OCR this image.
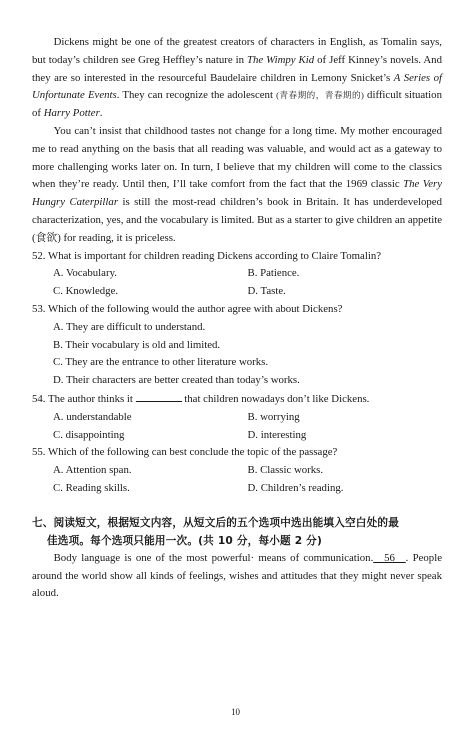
Dickens might be one of the greatest creators of characters in English, as Tomalin says, but today’s children see Greg Heffley’s nature in The Wimpy Kid of Jeff Kinney’s novels. And they are so interested in the resourceful Baudelaire children in Lemony Snicket’s A Series of Unfortunate Events. They can recognize the adolescent (青春期的，青春期的) difficult situation of Harry Potter.

You can’t insist that childhood tastes not change for a long time. My mother encouraged me to read anything on the basis that all reading was valuable, and would act as a gateway to more challenging works later on. In turn, I believe that my children will come to the classics when they’re ready. Until then, I’ll take comfort from the fact that the 1969 classic The Very Hungry Caterpillar is still the most-read children’s book in Britain. It has underdeveloped characterization, yes, and the vocabulary is limited. But as a starter to give children an appetite (食欲) for reading, it is priceless.

52. What is important for children reading Dickens according to Claire Tomalin?

A. Vocabulary.	B. Patience.
C. Knowledge.	D. Taste.

53. Which of the following would the author agree with about Dickens?

A. They are difficult to understand.
B. Their vocabulary is old and limited.
C. They are the entrance to other literature works.
D. Their characters are better created than today’s works.

54. The author thinks it	that children nowadays don’t like Dickens.

A. understandable	B. worrying
C. disappointing	D. interesting

55. Which of the following can best conclude the topic of the passage?

A. Attention span.	B. Classic works.
C. Reading skills.	D. Children’s reading.
七、阅读短文，根据短文内容，从短文后的五个选项中选出能填入空白处的最
佳选项。每个选项只能用一次。(共 10 分，每小题 2 分)

Body language is one of the most powerful· means of communication.__56__. People around the world show all kinds of feelings, wishes and attitudes that they might never speak aloud.

10
